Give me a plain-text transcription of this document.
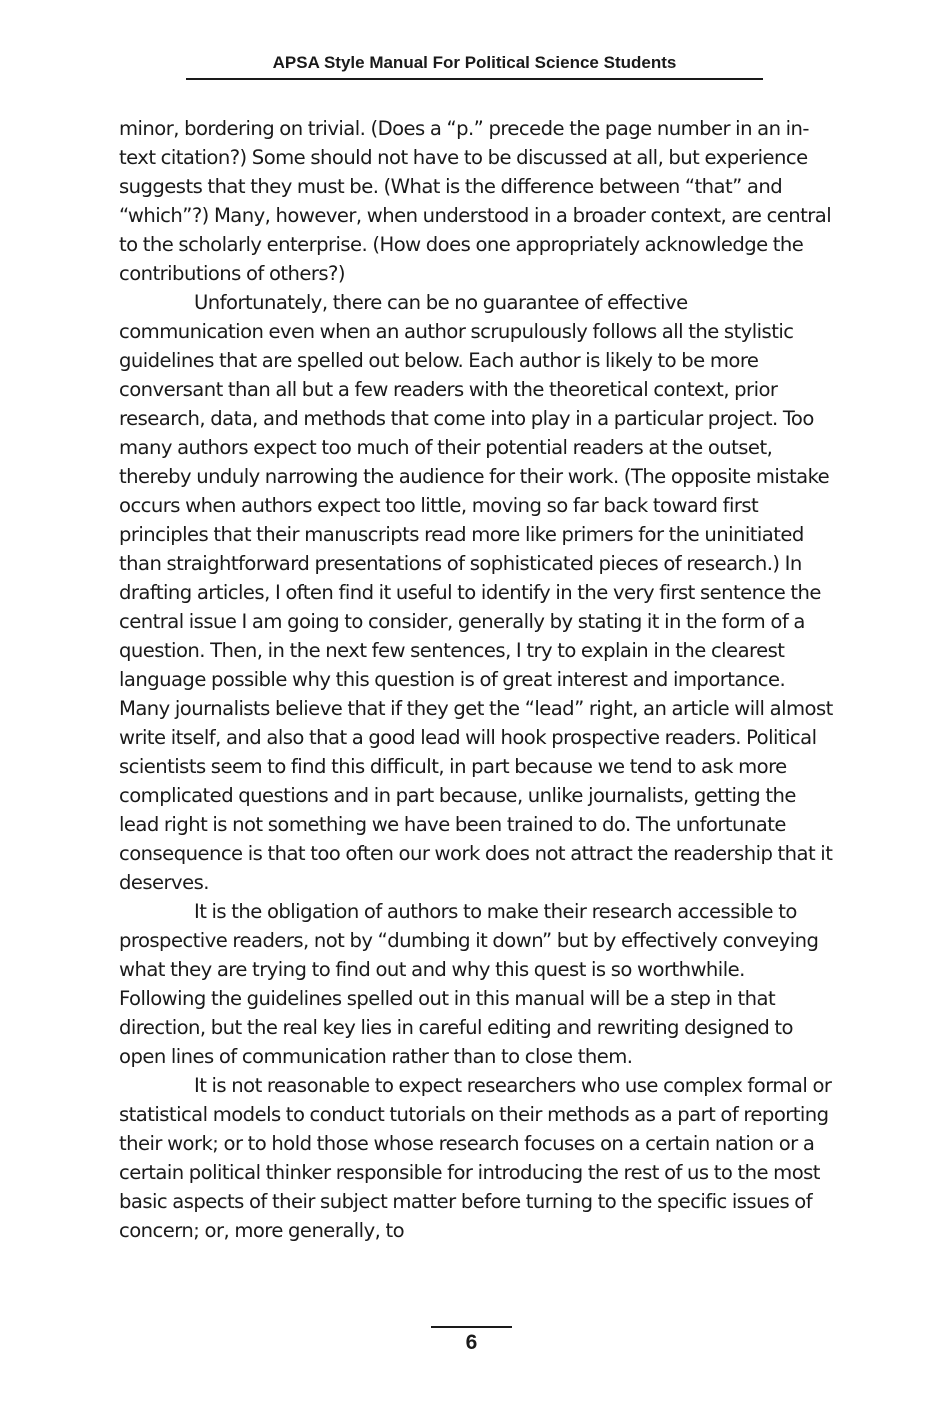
APSA Style Manual For Political Science Students

minor, bordering on trivial. (Does a “p.” precede the page number in an in-text citation?) Some should not have to be discussed at all, but experience suggests that they must be. (What is the difference between “that” and “which”?) Many, however, when understood in a broader context, are central to the scholarly enterprise. (How does one appropriately acknowledge the contributions of others?)

Unfortunately, there can be no guarantee of effective communication even when an author scrupulously follows all the stylistic guidelines that are spelled out below. Each author is likely to be more conversant than all but a few readers with the theoretical context, prior research, data, and methods that come into play in a particular project. Too many authors expect too much of their potential readers at the outset, thereby unduly narrowing the audience for their work. (The opposite mistake occurs when authors expect too little, moving so far back toward first principles that their manuscripts read more like primers for the uninitiated than straightforward presentations of sophisticated pieces of research.) In drafting articles, I often find it useful to identify in the very first sentence the central issue I am going to consider, generally by stating it in the form of a question. Then, in the next few sentences, I try to explain in the clearest language possible why this question is of great interest and importance. Many journalists believe that if they get the “lead” right, an article will almost write itself, and also that a good lead will hook prospective readers. Political scientists seem to find this difficult, in part because we tend to ask more complicated questions and in part because, unlike journalists, getting the lead right is not something we have been trained to do. The unfortunate consequence is that too often our work does not attract the readership that it deserves.

It is the obligation of authors to make their research accessible to prospective readers, not by “dumbing it down” but by effectively conveying what they are trying to find out and why this quest is so worthwhile. Following the guidelines spelled out in this manual will be a step in that direction, but the real key lies in careful editing and rewriting designed to open lines of communication rather than to close them.

It is not reasonable to expect researchers who use complex formal or statistical models to conduct tutorials on their methods as a part of reporting their work; or to hold those whose research focuses on a certain nation or a certain political thinker responsible for introducing the rest of us to the most basic aspects of their subject matter before turning to the specific issues of concern; or, more generally, to

6
